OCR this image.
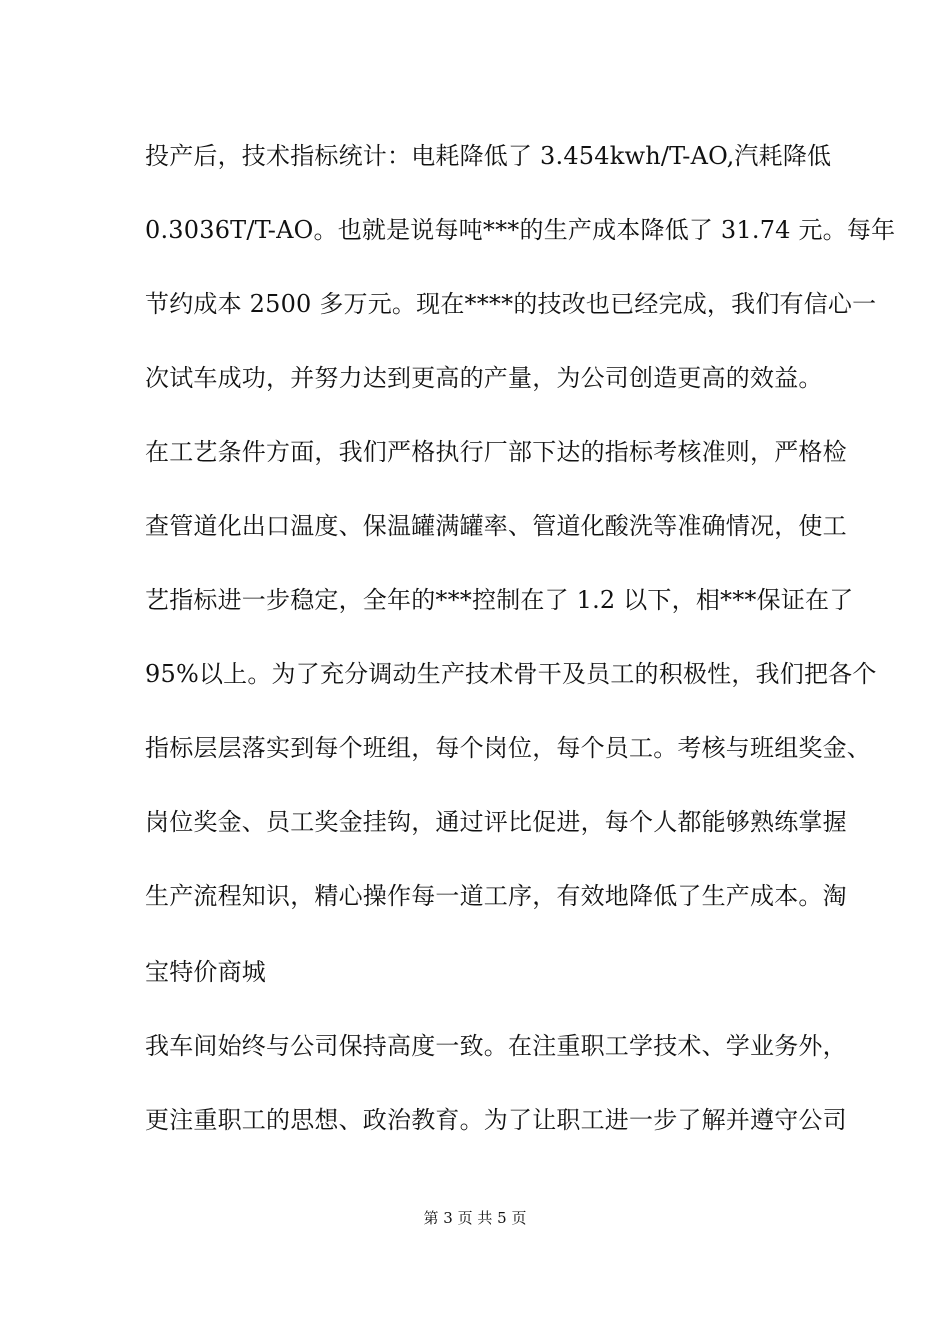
投产后，技术指标统计：电耗降低了 3.454kwh/T-AO,汽耗降低
0.3036T/T-AO。也就是说每吨***的生产成本降低了 31.74 元。每年
节约成本 2500 多万元。现在****的技改也已经完成，我们有信心一
次试车成功，并努力达到更高的产量，为公司创造更高的效益。
在工艺条件方面，我们严格执行厂部下达的指标考核准则，严格检
查管道化出口温度、保温罐满罐率、管道化酸洗等准确情况，使工
艺指标进一步稳定，全年的***控制在了 1.2 以下，相***保证在了
95%以上。为了充分调动生产技术骨干及员工的积极性，我们把各个
指标层层落实到每个班组，每个岗位，每个员工。考核与班组奖金、
岗位奖金、员工奖金挂钩，通过评比促进，每个人都能够熟练掌握
生产流程知识，精心操作每一道工序，有效地降低了生产成本。淘
宝特价商城
我车间始终与公司保持高度一致。在注重职工学技术、学业务外，
更注重职工的思想、政治教育。为了让职工进一步了解并遵守公司
第 3 页 共 5 页
